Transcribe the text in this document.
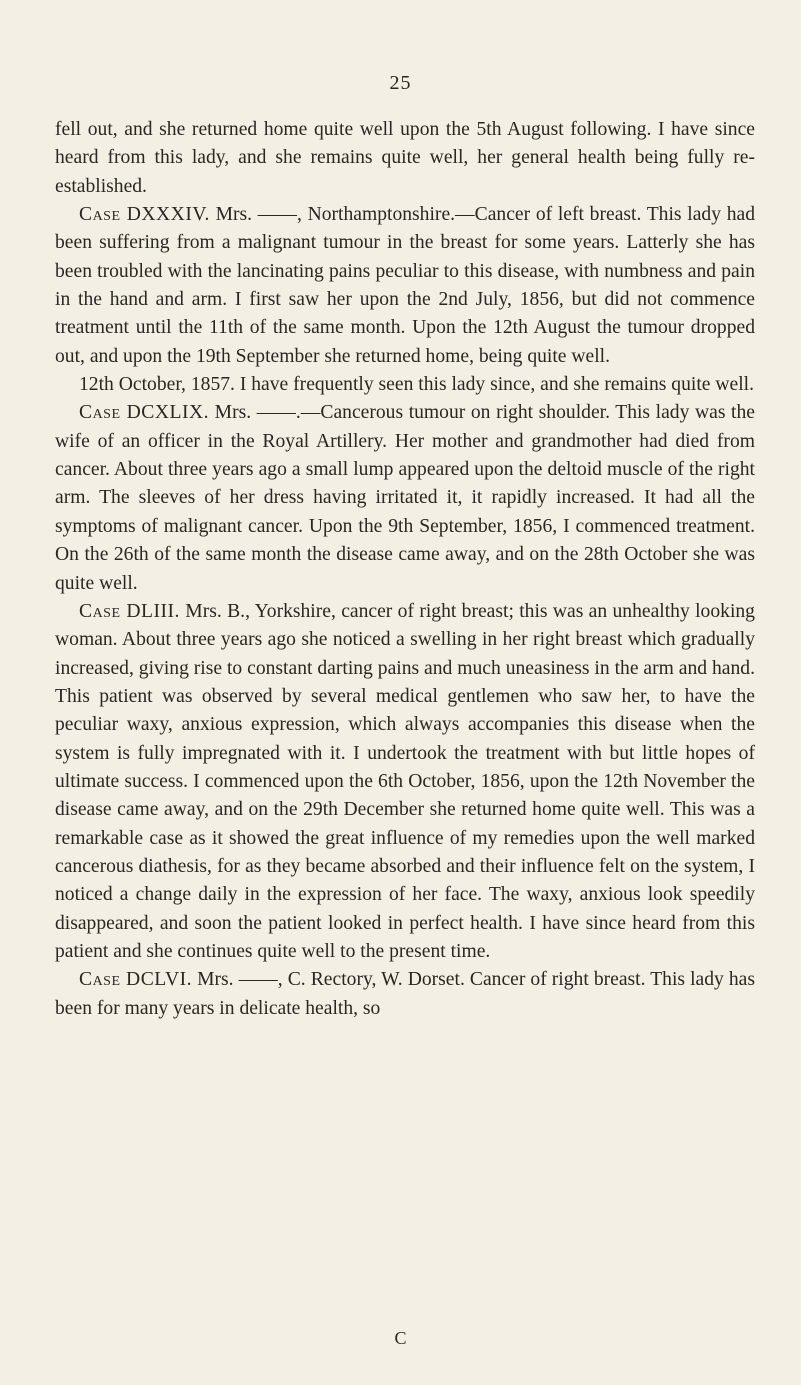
25

fell out, and she returned home quite well upon the 5th August following. I have since heard from this lady, and she remains quite well, her general health being fully re-established.

Case DXXXIV. Mrs. ——, Northamptonshire.—Cancer of left breast. This lady had been suffering from a malignant tumour in the breast for some years. Latterly she has been troubled with the lancinating pains peculiar to this disease, with numbness and pain in the hand and arm. I first saw her upon the 2nd July, 1856, but did not commence treatment until the 11th of the same month. Upon the 12th August the tumour dropped out, and upon the 19th September she returned home, being quite well.

12th October, 1857. I have frequently seen this lady since, and she remains quite well.

Case DCXLIX. Mrs. ——.—Cancerous tumour on right shoulder. This lady was the wife of an officer in the Royal Artillery. Her mother and grandmother had died from cancer. About three years ago a small lump appeared upon the deltoid muscle of the right arm. The sleeves of her dress having irritated it, it rapidly increased. It had all the symptoms of malignant cancer. Upon the 9th September, 1856, I commenced treatment. On the 26th of the same month the disease came away, and on the 28th October she was quite well.

Case DLIII. Mrs. B., Yorkshire, cancer of right breast; this was an unhealthy looking woman. About three years ago she noticed a swelling in her right breast which gradually increased, giving rise to constant darting pains and much uneasiness in the arm and hand. This patient was observed by several medical gentlemen who saw her, to have the peculiar waxy, anxious expression, which always accompanies this disease when the system is fully impregnated with it. I undertook the treatment with but little hopes of ultimate success. I commenced upon the 6th October, 1856, upon the 12th November the disease came away, and on the 29th December she returned home quite well. This was a remarkable case as it showed the great influence of my remedies upon the well marked cancerous diathesis, for as they became absorbed and their influence felt on the system, I noticed a change daily in the expression of her face. The waxy, anxious look speedily disappeared, and soon the patient looked in perfect health. I have since heard from this patient and she continues quite well to the present time.

Case DCLVI. Mrs. ——, C. Rectory, W. Dorset. Cancer of right breast. This lady has been for many years in delicate health, so

C
